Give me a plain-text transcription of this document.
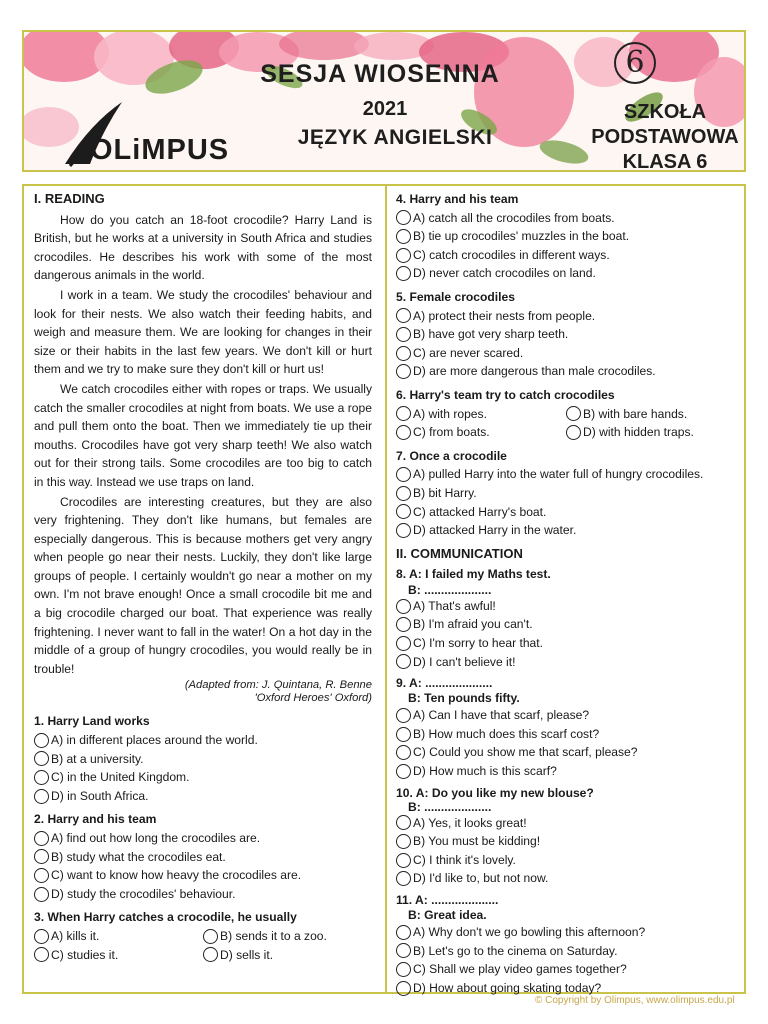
OLiMPUS
6
SESJA WIOSENNA
2021
JĘZYK ANGIELSKI
SZKOŁA
PODSTAWOWA
KLASA 6
I. READING

How do you catch an 18-foot crocodile? Harry Land is British, but he works at a university in South Africa and studies crocodiles. He describes his work with some of the most dangerous animals in the world.

I work in a team. We study the crocodiles' behaviour and look for their nests. We also watch their feeding habits, and weigh and measure them. We are looking for changes in their size or their habits in the last few years. We don't kill or hurt them and we try to make sure they don't kill or hurt us!

We catch crocodiles either with ropes or traps. We usually catch the smaller crocodiles at night from boats. We use a rope and pull them onto the boat. Then we immediately tie up their mouths. Crocodiles have got very sharp teeth! We also watch out for their strong tails. Some crocodiles are too big to catch in this way. Instead we use traps on land.

Crocodiles are interesting creatures, but they are also very frightening. They don't like humans, but females are especially dangerous. This is because mothers get very angry when people go near their nests. Luckily, they don't like large groups of people. I certainly wouldn't go near a mother on my own. I'm not brave enough! Once a small crocodile bit me and a big crocodile charged our boat. That experience was really frightening. I never want to fall in the water! On a hot day in the middle of a group of hungry crocodiles, you would really be in trouble!

(Adapted from: J. Quintana, R. Benne
'Oxford Heroes' Oxford)
1. Harry Land works
A) in different places around the world.
B) at a university.
C) in the United Kingdom.
D) in South Africa.
2. Harry and his team
A) find out how long the crocodiles are.
B) study what the crocodiles eat.
C) want to know how heavy the crocodiles are.
D) study the crocodiles' behaviour.
3. When Harry catches a crocodile, he usually
A) kills it.	B) sends it to a zoo.
C) studies it.	D) sells it.
4. Harry and his team
A) catch all the crocodiles from boats.
B) tie up crocodiles' muzzles in the boat.
C) catch crocodiles in different ways.
D) never catch crocodiles on land.
5. Female crocodiles
A) protect their nests from people.
B) have got very sharp teeth.
C) are never scared.
D) are more dangerous than male crocodiles.
6. Harry's team try to catch crocodiles
A) with ropes.	B) with bare hands.
C) from boats.	D) with hidden traps.
7. Once a crocodile
A) pulled Harry into the water full of hungry crocodiles.
B) bit Harry.
C) attacked Harry's boat.
D) attacked Harry in the water.
II. COMMUNICATION
8. A: I failed my Maths test.
B: ....................
A) That's awful!
B) I'm afraid you can't.
C) I'm sorry to hear that.
D) I can't believe it!
9. A: ....................
B: Ten pounds fifty.
A) Can I have that scarf, please?
B) How much does this scarf cost?
C) Could you show me that scarf, please?
D) How much is this scarf?
10. A: Do you like my new blouse?
B: ....................
A) Yes, it looks great!
B) You must be kidding!
C) I think it's lovely.
D) I'd like to, but not now.
11. A: ....................
B: Great idea.
A) Why don't we go bowling this afternoon?
B) Let's go to the cinema on Saturday.
C) Shall we play video games together?
D) How about going skating today?
© Copyright by Olimpus, www.olimpus.edu.pl
